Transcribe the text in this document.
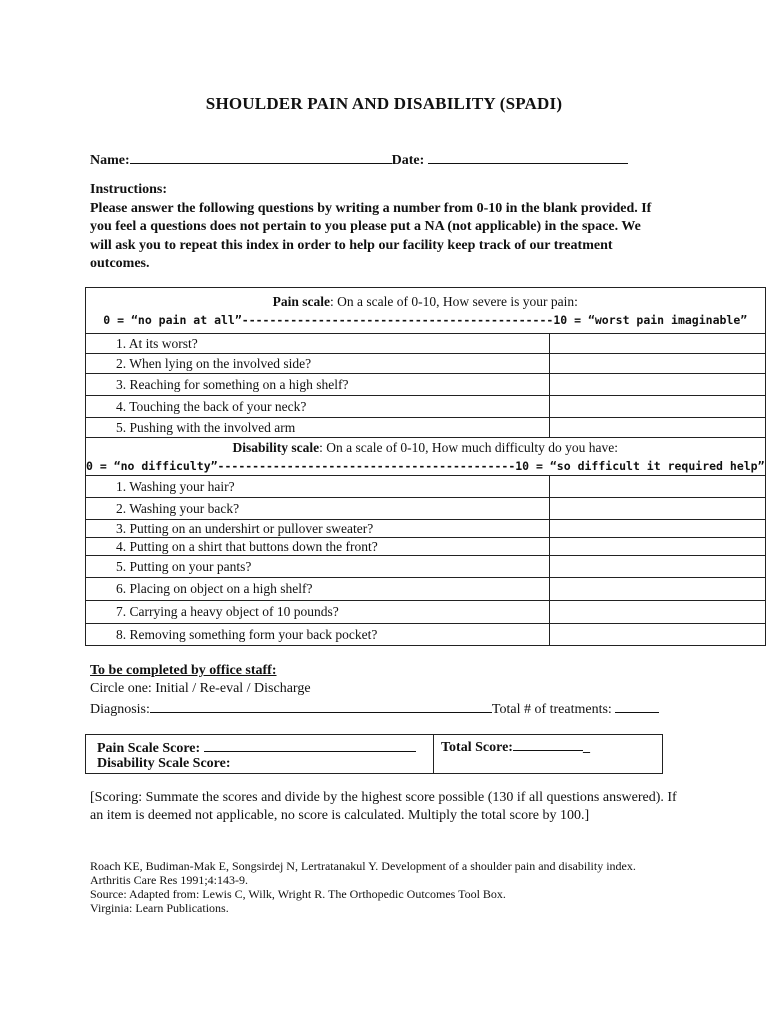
SHOULDER PAIN AND DISABILITY (SPADI)
Name:	Date:
Instructions:
Please answer the following questions by writing a number from 0-10 in the blank provided. If you feel a questions does not pertain to you please put a NA (not applicable) in the space. We will ask you to repeat this index in order to help our facility keep track of our treatment outcomes.
Pain scale: On a scale of 0-10, How severe is your pain:
0 = “no pain at all”---------------------------------------------10 = “worst pain imaginable”	

1. At its worst?	
2. When lying on the involved side?	
3. Reaching for something on a high shelf?	
4. Touching the back of your neck?	
5. Pushing with the involved arm	

Disability scale: On a scale of 0-10, How much difficulty do you have:
0 = “no difficulty”-------------------------------------------10 = “so difficult it required help”	

1. Washing your hair?	
2. Washing your back?	
3. Putting on an undershirt or pullover sweater?	
4. Putting on a shirt that buttons down the front?	
5. Putting on your pants?	
6. Placing on object on a high shelf?	
7. Carrying a heavy object of 10 pounds?	
8. Removing something form your back pocket?	
To be completed by office staff:
Circle one: Initial / Re-eval / Discharge
Diagnosis:	Total # of treatments:
Pain Scale Score:
Disability Scale Score:
Total Score:	_
[Scoring: Summate the scores and divide by the highest score possible (130 if all questions answered). If an item is deemed not applicable, no score is calculated. Multiply the total score by 100.]
Roach KE, Budiman-Mak E, Songsirdej N, Lertratanakul Y. Development of a shoulder pain and disability index.
Arthritis Care Res 1991;4:143-9.
Source: Adapted from: Lewis C, Wilk, Wright R. The Orthopedic Outcomes Tool Box.
Virginia: Learn Publications.
